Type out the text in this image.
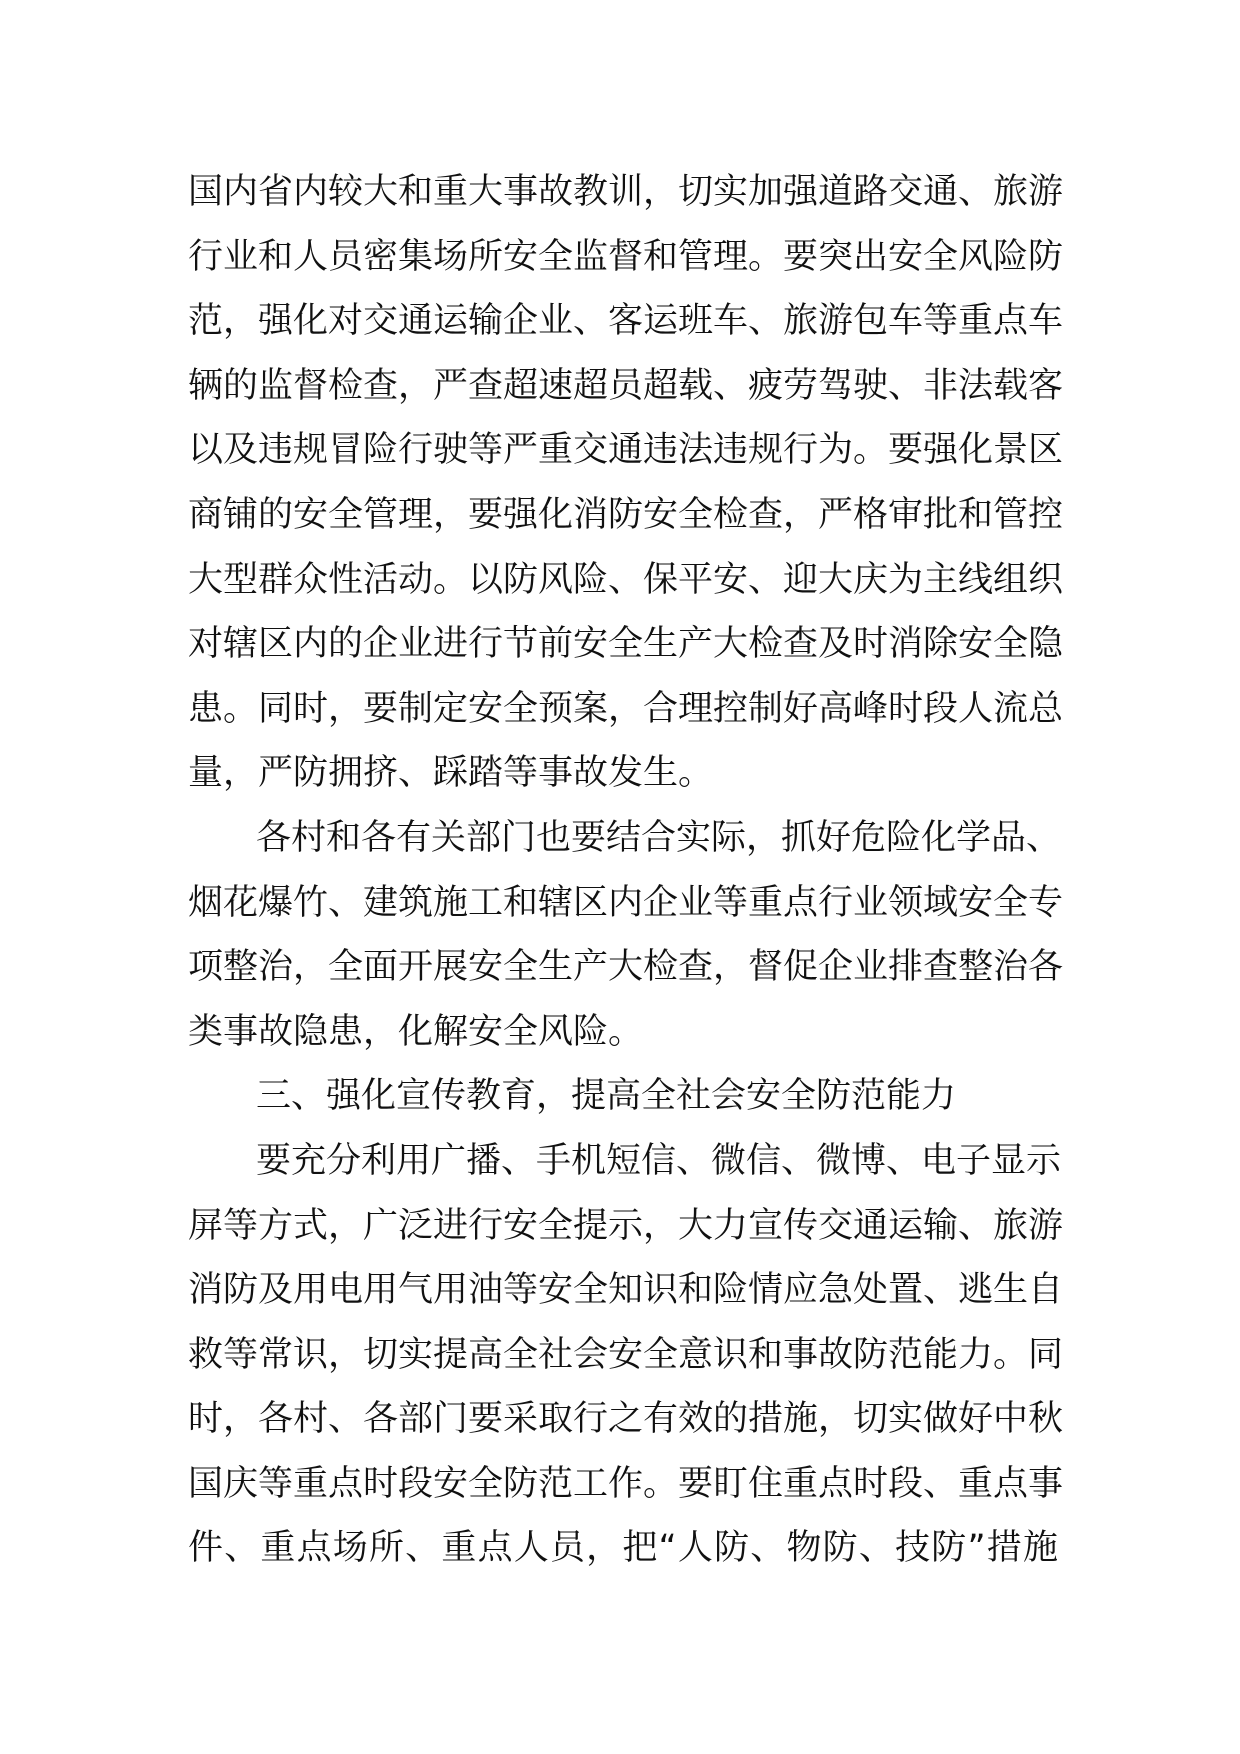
国内省内较大和重大事故教训，切实加强道路交通、旅游
行业和人员密集场所安全监督和管理。要突出安全风险防
范，强化对交通运输企业、客运班车、旅游包车等重点车
辆的监督检查，严查超速超员超载、疲劳驾驶、非法载客
以及违规冒险行驶等严重交通违法违规行为。要强化景区
商铺的安全管理，要强化消防安全检查，严格审批和管控
大型群众性活动。以防风险、保平安、迎大庆为主线组织
对辖区内的企业进行节前安全生产大检查及时消除安全隐
患。同时，要制定安全预案，合理控制好高峰时段人流总
量，严防拥挤、踩踏等事故发生。
各村和各有关部门也要结合实际，抓好危险化学品、
烟花爆竹、建筑施工和辖区内企业等重点行业领域安全专
项整治，全面开展安全生产大检查，督促企业排查整治各
类事故隐患，化解安全风险。
三、强化宣传教育，提高全社会安全防范能力
要充分利用广播、手机短信、微信、微博、电子显示
屏等方式，广泛进行安全提示，大力宣传交通运输、旅游
消防及用电用气用油等安全知识和险情应急处置、逃生自
救等常识，切实提高全社会安全意识和事故防范能力。同
时，各村、各部门要采取行之有效的措施，切实做好中秋
国庆等重点时段安全防范工作。要盯住重点时段、重点事
件、重点场所、重点人员，把“人防、物防、技防”措施
